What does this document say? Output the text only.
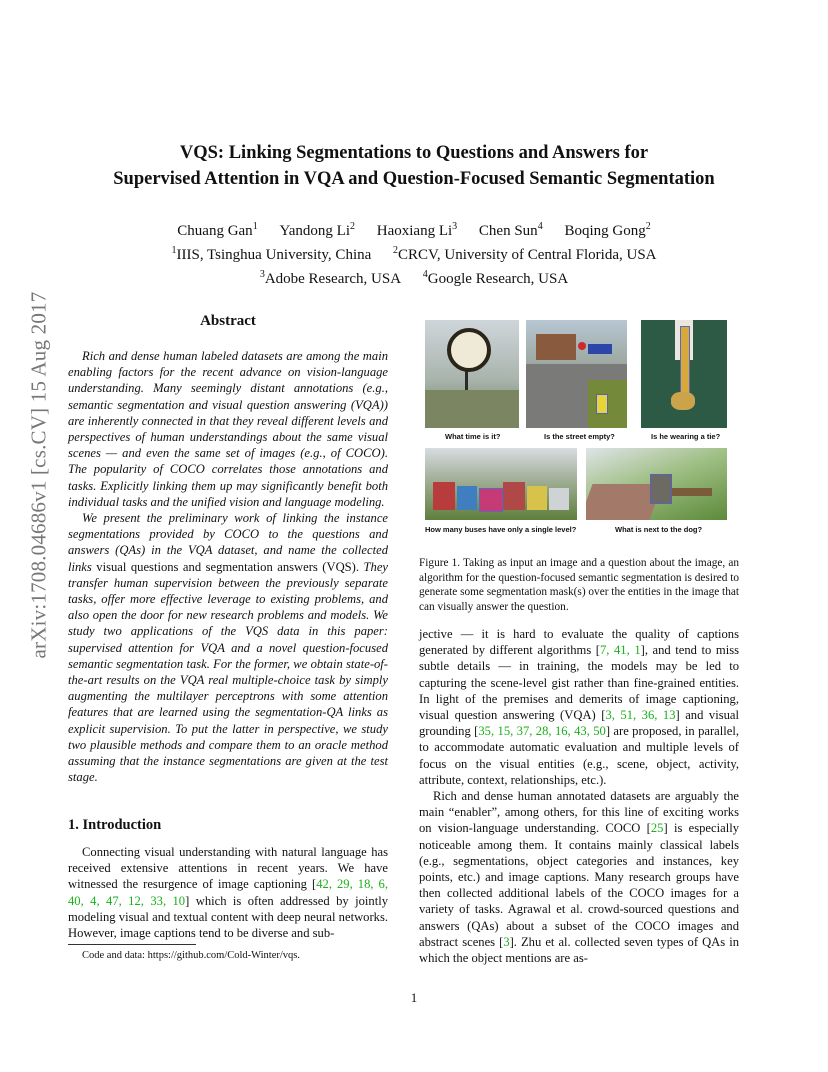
VQS: Linking Segmentations to Questions and Answers for
Supervised Attention in VQA and Question-Focused Semantic Segmentation
Chuang Gan$^1$ Yandong Li$^2$ Haoxiang Li$^3$ Chen Sun$^4$ Boqing Gong$^2$
$^1$IIIS, Tsinghua University, China $^2$CRCV, University of Central Florida, USA
$^3$Adobe Research, USA $^4$Google Research, USA
arXiv:1708.04686v1 [cs.CV] 15 Aug 2017	Abstract

Rich and dense human labeled datasets are among the main enabling factors for the recent advance on vision-language understanding. Many seemingly distant annotations (e.g., semantic segmentation and visual question answering (VQA)) are inherently connected in that they reveal different levels and perspectives of human understandings about the same visual scenes — and even the same set of images (e.g., of COCO). The popularity of COCO correlates those annotations and tasks. Explicitly linking them up may significantly benefit both individual tasks and the unified vision and language modeling.

We present the preliminary work of linking the instance segmentations provided by COCO to the questions and answers (QAs) in the VQA dataset, and name the collected links visual questions and segmentation answers (VQS). They transfer human supervision between the previously separate tasks, offer more effective leverage to existing problems, and also open the door for new research problems and models. We study two applications of the VQS data in this paper: supervised attention for VQA and a novel question-focused semantic segmentation task. For the former, we obtain state-of-the-art results on the VQA real multiple-choice task by simply augmenting the multilayer perceptrons with some attention features that are learned using the segmentation-QA links as explicit supervision. To put the latter in perspective, we study two plausible methods and compare them to an oracle method assuming that the instance segmentations are given at the test stage.

1. Introduction

Connecting visual understanding with natural language has received extensive attentions in recent years. We have witnessed the resurgence of image captioning [42, 29, 18, 6, 40, 4, 47, 12, 33, 10] which is often addressed by jointly modeling visual and textual content with deep neural networks. However, image captions tend to be diverse and sub-

Code and data: https://github.com/Cold-Winter/vqs.
What time is it?	Is the street empty?	Is he wearing a tie?
How many buses have only a single level?	What is next to the dog?
Figure 1. Taking as input an image and a question about the image, an algorithm for the question-focused semantic segmentation is desired to generate some segmentation mask(s) over the entities in the image that can visually answer the question.

jective — it is hard to evaluate the quality of captions generated by different algorithms [7, 41, 1], and tend to miss subtle details — in training, the models may be led to capturing the scene-level gist rather than fine-grained entities. In light of the premises and demerits of image captioning, visual question answering (VQA) [3, 51, 36, 13] and visual grounding [35, 15, 37, 28, 16, 43, 50] are proposed, in parallel, to accommodate automatic evaluation and multiple levels of focus on the visual entities (e.g., scene, object, activity, attribute, context, relationships, etc.).

Rich and dense human annotated datasets are arguably the main “enabler”, among others, for this line of exciting works on vision-language understanding. COCO [25] is especially noticeable among them. It contains mainly classical labels (e.g., segmentations, object categories and instances, key points, etc.) and image captions. Many research groups have then collected additional labels of the COCO images for a variety of tasks. Agrawal et al. crowd-sourced questions and answers (QAs) about a subset of the COCO images and abstract scenes [3]. Zhu et al. collected seven types of QAs in which the object mentions are as-

1
